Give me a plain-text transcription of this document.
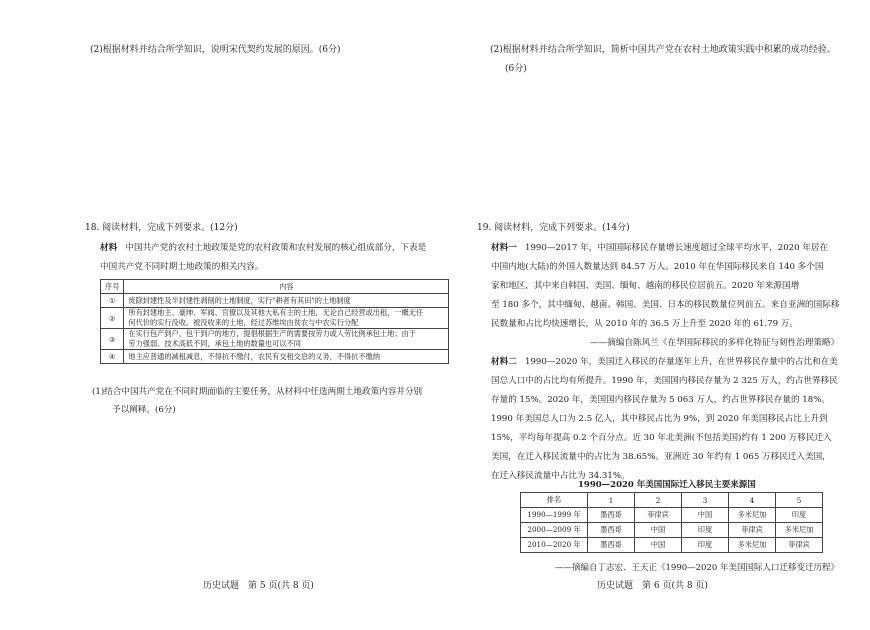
(2)根据材料并结合所学知识，说明宋代契约发展的原因。(6分)
18. 阅读材料，完成下列要求。(12分)
材料 中国共产党的农村土地政策是党的农村政策和农村发展的核心组成部分，下表是
中国共产党不同时期土地政策的相关内容。
序号	内容
①	废除封建性及半封建性剥削的土地制度，实行"耕者有其田"的土地制度
②	所有封建地主、豪绅、军阀、官僚以及其他大私有主的土地，无论自己经营或出租，一概无任
何代价的实行没收。被没收来的土地，经过苏维埃由贫农与中农实行分配

③	在实行包产到户，包干到户的地方，提倡根据生产的需要按劳力或人劳比例承包土地；由于
劳力强弱、技术高低不同，承包土地的数量也可以不同

④	地主应普通的减租减息，不得抗不缴付，农民有交租交息的义务，不得抗不缴纳
(1)结合中国共产党在不同时期面临的主要任务，从材料中任选两期土地政策内容并分别
予以阐释。(6分)
历史试题　第 5 页(共 8 页)
(2)根据材料并结合所学知识，简析中国共产党在农村土地政策实践中积累的成功经验。
(6分)
19. 阅读材料，完成下列要求。(14分)
材料一 1990—2017 年，中国国际移民存量增长速度超过全球平均水平，2020 年居在
中国内地(大陆)的外国人数量达到 84.57 万人。2010 年在华国际移民来自 140 多个国
家和地区，其中来自韩国、美国、缅甸、越南的移民位居前五。2020 年来源国增
至 180 多个，其中缅甸、越南、韩国、美国、日本的移民数量位列前五。来自亚洲的国际移
民数量和占比均快速增长，从 2010 年的 36.5 万上升至 2020 年的 61.79 万。
——摘编自陈风兰《在华国际移民的多样化特征与韧性治理策略》
材料二 1990—2020 年，美国迁入移民的存量逐年上升，在世界移民存量中的占比和在美
国总人口中的占比均有所提升。1990 年，美国国内移民存量为 2 325 万人，约占世界移民
存量的 15%。2020 年，美国国内移民存量为 5 063 万人，约占世界移民存量的 18%。
1990 年美国总人口为 2.5 亿人，其中移民占比为 9%，到 2020 年美国移民占比上升到
15%，平均每年提高 0.2 个百分点。近 30 年北美洲(不包括美国)约有 1 200 万移民迁入
美国，在迁入移民流量中的占比为 38.65%。亚洲近 30 年约有 1 065 万移民迁入美国，
在迁入移民流量中占比为 34.31%。
1990—2020 年美国国际迁入移民主要来源国
排名	1	2	3	4	5
1990—1999 年	墨西哥	菲律宾	中国	多米尼加	印度
2000—2009 年	墨西哥	中国	印度	菲律宾	多米尼加
2010—2020 年	墨西哥	中国	印度	多米尼加	菲律宾
——摘编自丁志宏、王天正《1990—2020 年美国国际人口迁移变迁历程》
历史试题　第 6 页(共 8 页)
